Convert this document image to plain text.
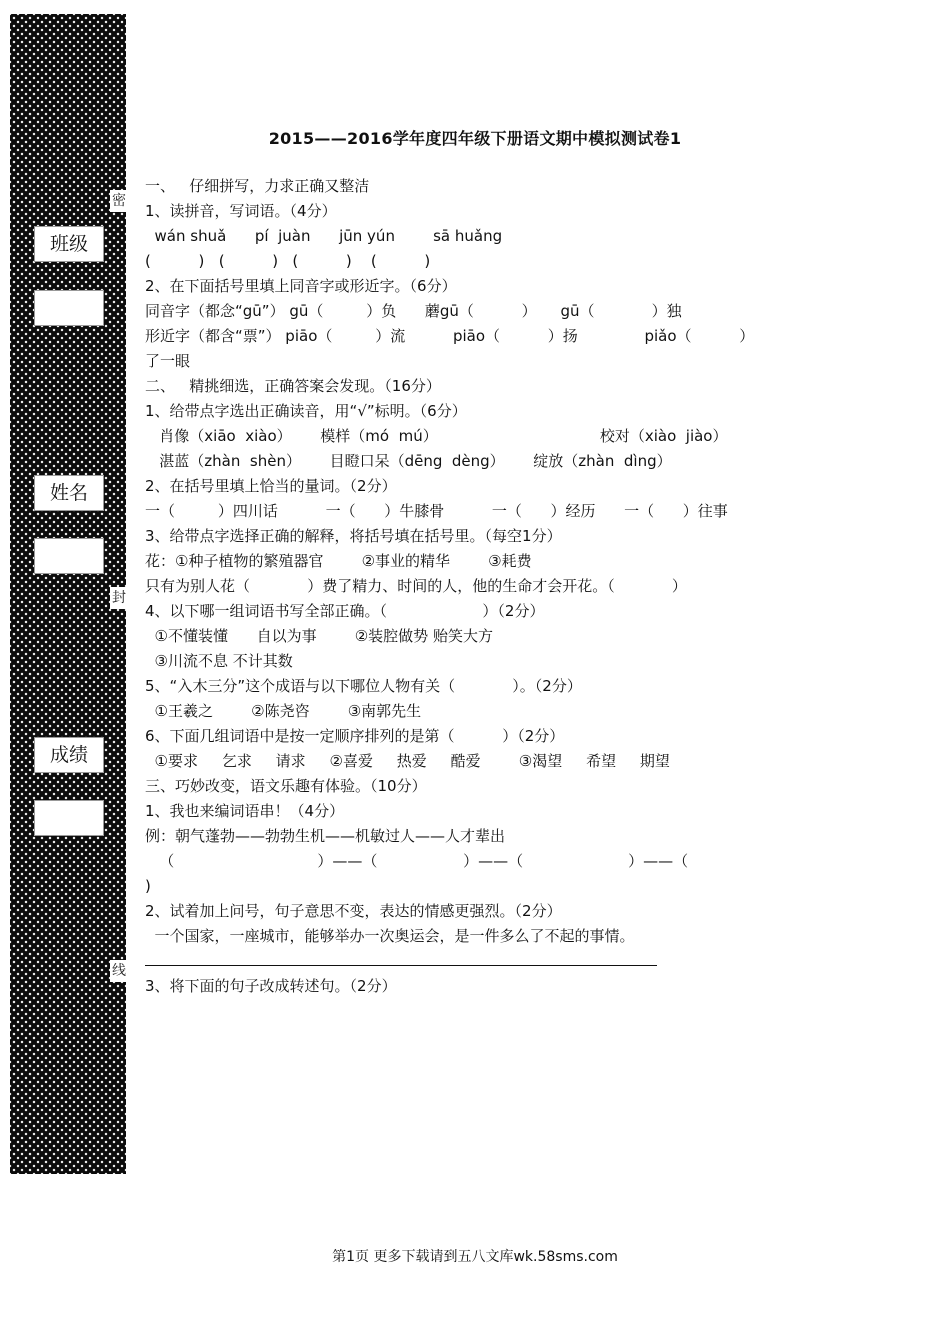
班级
姓名
成绩
密
封
线
2015——2016学年度四年级下册语文期中模拟测试卷1
一、   仔细拼写，力求正确又整洁
1、读拼音，写词语。（4分）
wán shuǎ      pí  juàn      jūn yún        sā huǎng
(          )   (          )   (          )    (          )
2、在下面括号里填上同音字或形近字。（6分）
同音字（都念“gū”） gū（         ）负      蘑gū（          ）     gū（            ）独
形近字（都含“票”） piāo（         ）流          piāo（          ）扬              piǎo（          ）
了一眼
二、   精挑细选，正确答案会发现。（16分）
1、给带点字选出正确读音，用“√”标明。（6分）
肖像（xiāo  xiào）      模样（mó  mú）                                  校对（xiào  jiào）
湛蓝（zhàn  shèn）      目瞪口呆（dēng  dèng）      绽放（zhàn  dìng）
2、在括号里填上恰当的量词。（2分）
一（         ）四川话          一（      ）牛膝骨          一（      ）经历      一（      ）往事
3、给带点字选择正确的解释，将括号填在括号里。（每空1分）
花：①种子植物的繁殖器官        ②事业的精华        ③耗费
只有为别人花（            ）费了精力、时间的人，他的生命才会开花。（            ）
4、以下哪一组词语书写全部正确。（                    ）（2分）
①不懂装懂      自以为事        ②装腔做势 贻笑大方
③川流不息 不计其数
5、“入木三分”这个成语与以下哪位人物有关（            ）。（2分）
①王羲之        ②陈尧咨        ③南郭先生
6、下面几组词语中是按一定顺序排列的是第（          ）（2分）
①要求     乞求     请求     ②喜爱     热爱     酷爱        ③渴望     希望     期望
三、巧妙改变，语文乐趣有体验。（10分）
1、我也来编词语串！（4分）
例：朝气蓬勃——勃勃生机——机敏过人——人才辈出
（                              ）——（                  ）——（                      ）——（
)
2、试着加上问号，句子意思不变，表达的情感更强烈。（2分）
一个国家，一座城市，能够举办一次奥运会，是一件多么了不起的事情。
3、将下面的句子改成转述句。（2分）
第1页 更多下载请到五八文库wk.58sms.com
